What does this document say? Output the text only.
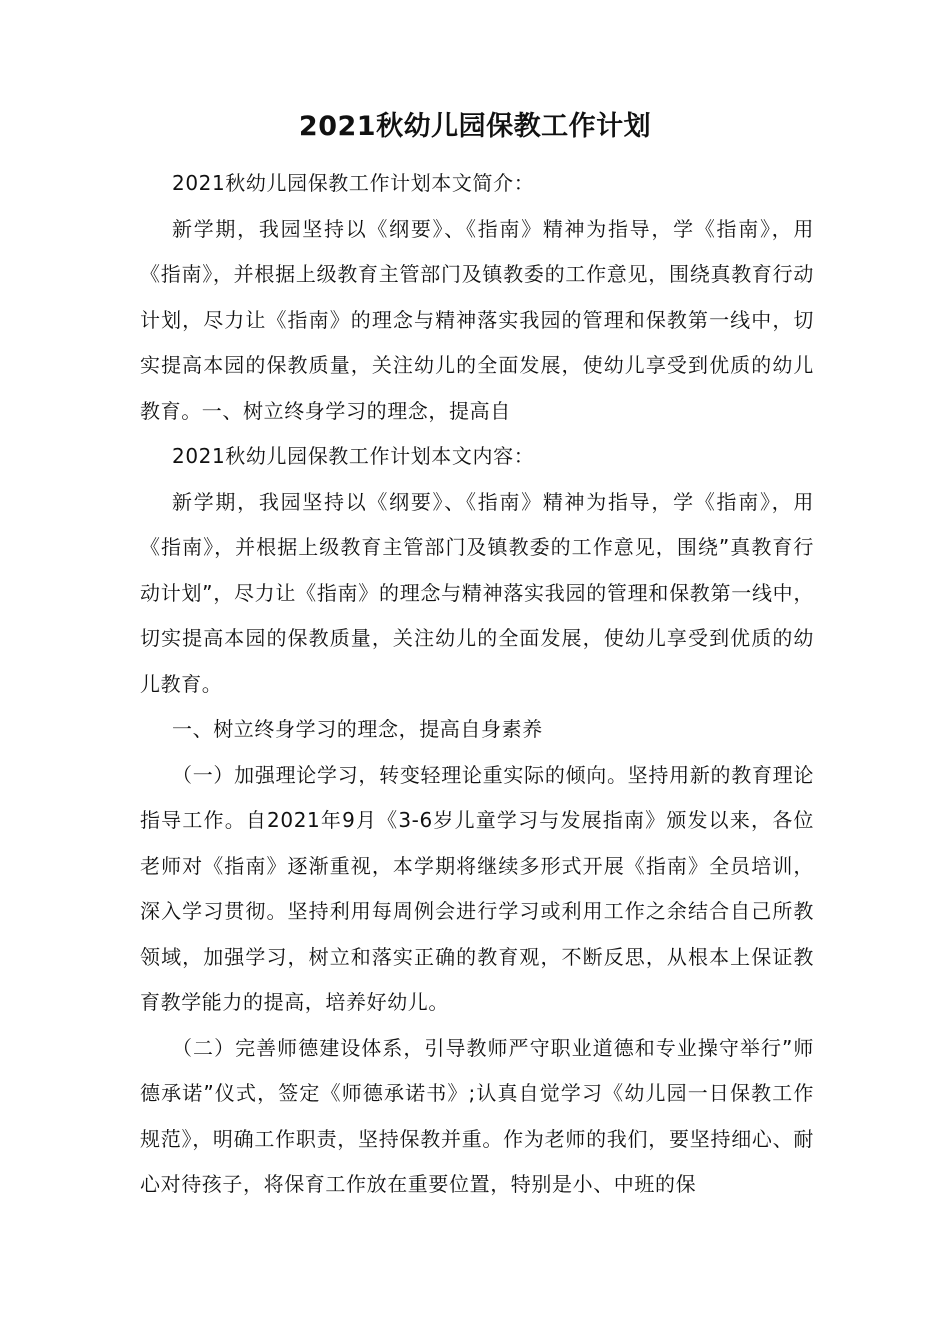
2021秋幼儿园保教工作计划

2021秋幼儿园保教工作计划本文简介：

新学期，我园坚持以《纲要》、《指南》精神为指导，学《指南》，用《指南》，并根据上级教育主管部门及镇教委的工作意见，围绕真教育行动计划，尽力让《指南》的理念与精神落实我园的管理和保教第一线中，切实提高本园的保教质量，关注幼儿的全面发展，使幼儿享受到优质的幼儿教育。一、树立终身学习的理念，提高自

2021秋幼儿园保教工作计划本文内容：

新学期，我园坚持以《纲要》、《指南》精神为指导，学《指南》，用《指南》，并根据上级教育主管部门及镇教委的工作意见，围绕”真教育行动计划”，尽力让《指南》的理念与精神落实我园的管理和保教第一线中，切实提高本园的保教质量，关注幼儿的全面发展，使幼儿享受到优质的幼儿教育。

一、树立终身学习的理念，提高自身素养

（一）加强理论学习，转变轻理论重实际的倾向。坚持用新的教育理论指导工作。自2021年9月《3-6岁儿童学习与发展指南》颁发以来，各位老师对《指南》逐渐重视，本学期将继续多形式开展《指南》全员培训，深入学习贯彻。坚持利用每周例会进行学习或利用工作之余结合自己所教领域，加强学习，树立和落实正确的教育观，不断反思，从根本上保证教育教学能力的提高，培养好幼儿。

（二）完善师德建设体系，引导教师严守职业道德和专业操守举行”师德承诺”仪式，签定《师德承诺书》;认真自觉学习《幼儿园一日保教工作规范》，明确工作职责，坚持保教并重。作为老师的我们，要坚持细心、耐心对待孩子，将保育工作放在重要位置，特别是小、中班的保
